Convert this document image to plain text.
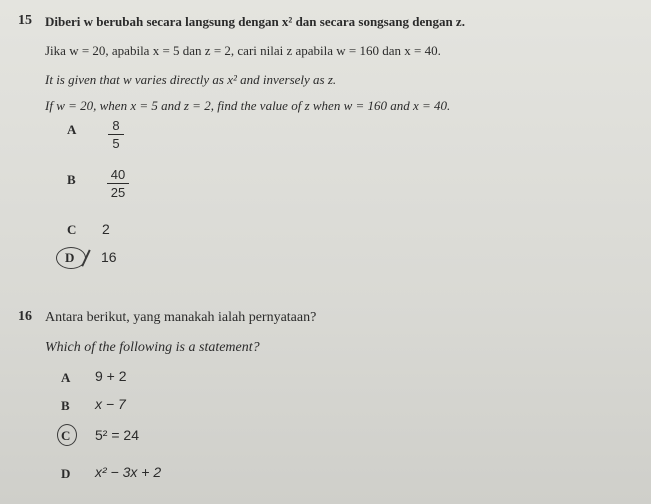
15 Diberi w berubah secara langsung dengan x² dan secara songsang dengan z.
Jika w = 20, apabila x = 5 dan z = 2, cari nilai z apabila w = 160 dan x = 40.
It is given that w varies directly as x² and inversely as z.
If w = 20, when x = 5 and z = 2, find the value of z when w = 160 and x = 40.
A	8
5
B	40
25
C 2
D 16
16 Antara berikut, yang manakah ialah pernyataan?
Which of the following is a statement?
A 9 + 2
B x − 7
C 5² = 24
D x² − 3x + 2
